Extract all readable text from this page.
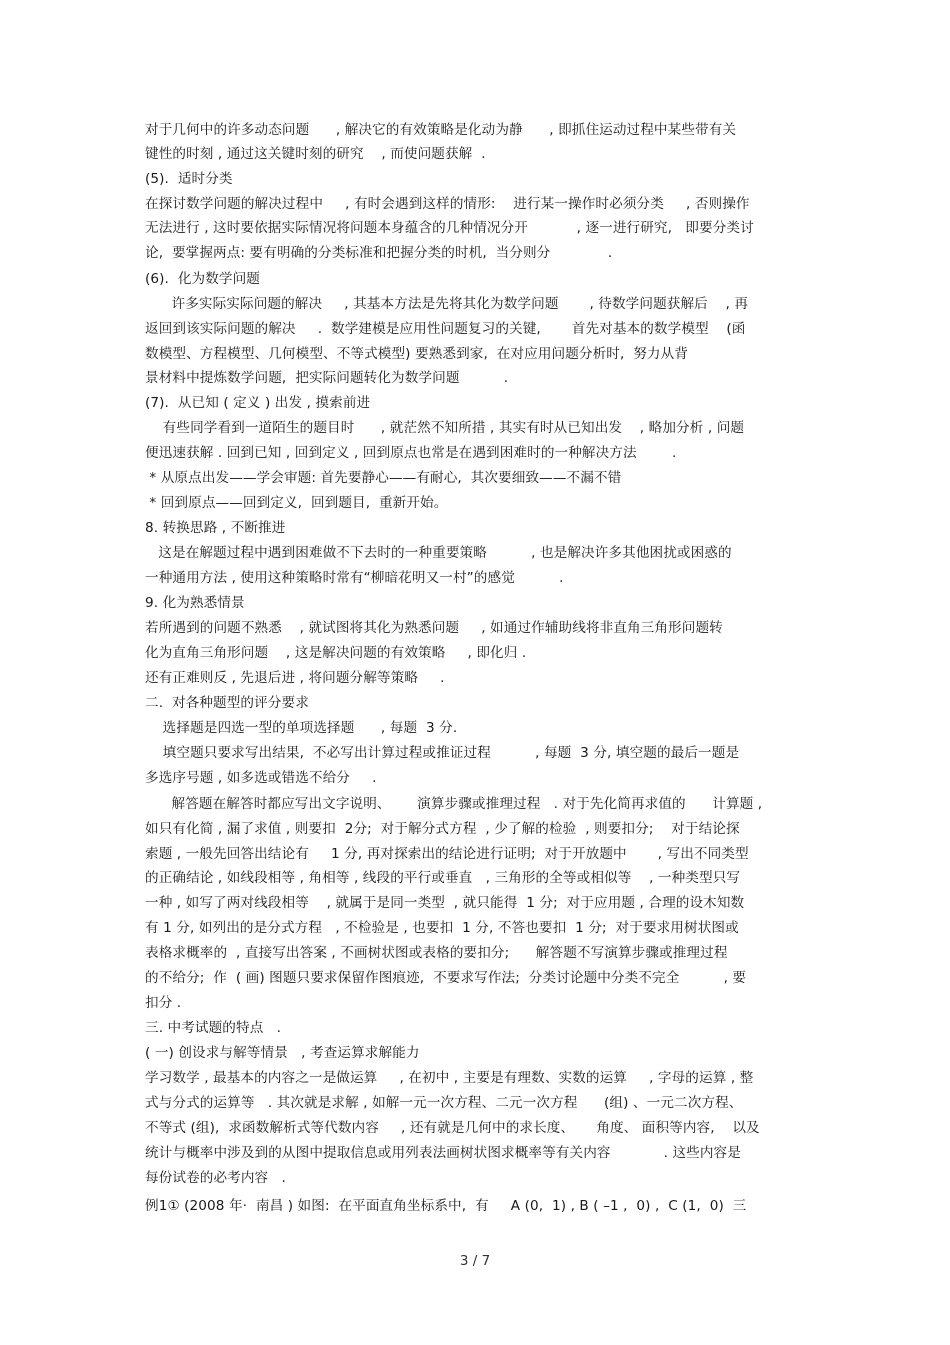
对于几何中的许多动态问题      , 解决它的有效策略是化动为静      , 即抓住运动过程中某些带有关
键性的时刻 , 通过这关键时刻的研究    , 而使问题获解  .
(5).  适时分类
在探讨数学问题的解决过程中     , 有时会遇到这样的情形:    进行某一操作时必须分类     , 否则操作
无法进行 , 这时要依据实际情况将问题本身蕴含的几种情况分开           , 逐一进行研究,   即要分类讨
论,  要掌握两点: 要有明确的分类标准和把握分类的时机,  当分则分             .
(6).  化为数学问题
许多实际实际问题的解决     , 其基本方法是先将其化为数学问题       , 待数学问题获解后    , 再
返回到该实际问题的解决     .  数学建模是应用性问题复习的关键,       首先对基本的数学模型    (函
数模型、方程模型、几何模型、不等式模型) 要熟悉到家,  在对应用问题分析时,  努力从背
景材料中提炼数学问题,  把实际问题转化为数学问题          .
(7).  从已知 ( 定义 ) 出发 , 摸索前进
有些同学看到一道陌生的题目时      , 就茫然不知所措 , 其实有时从已知出发    , 略加分析 , 问题
便迅速获解 . 回到已知 , 回到定义 , 回到原点也常是在遇到困难时的一种解决方法        .
* 从原点出发——学会审题: 首先要静心——有耐心,  其次要细致——不漏不错
* 回到原点——回到定义,  回到题目,  重新开始。
8. 转换思路 , 不断推进
这是在解题过程中遇到困难做不下去时的一种重要策略          , 也是解决许多其他困扰或困惑的
一种通用方法 , 使用这种策略时常有“柳暗花明又一村”的感觉          .
9. 化为熟悉情景
若所遇到的问题不熟悉    , 就试图将其化为熟悉问题     , 如通过作辅助线将非直角三角形问题转
化为直角三角形问题    , 这是解决问题的有效策略     , 即化归 .
还有正难则反 , 先退后进 , 将问题分解等策略     .
二.  对各种题型的评分要求
选择题是四选一型的单项选择题      , 每题  3 分.
填空题只要求写出结果,  不必写出计算过程或推证过程          , 每题  3 分, 填空题的最后一题是
多选序号题 , 如多选或错选不给分     .
解答题在解答时都应写出文字说明、      演算步骤或推理过程   . 对于先化简再求值的      计算题 ,
如只有化简 , 漏了求值 , 则要扣  2分;  对于解分式方程  , 少了解的检验  , 则要扣分;    对于结论探
索题 , 一般先回答出结论有     1 分, 再对探索出的结论进行证明;  对于开放题中       , 写出不同类型
的正确结论 , 如线段相等 , 角相等 , 线段的平行或垂直   , 三角形的全等或相似等    , 一种类型只写
一种 , 如写了两对线段相等    , 就属于是同一类型  , 就只能得  1 分;  对于应用题 , 合理的设木知数
有 1 分, 如列出的是分式方程   , 不检验是 , 也要扣  1 分, 不答也要扣  1 分;  对于要求用树状图或
表格求概率的  , 直接写出答案 , 不画树状图或表格的要扣分;      解答题不写演算步骤或推理过程
的不给分;  作  ( 画) 图题只要求保留作图痕迹,  不要求写作法;  分类讨论题中分类不完全          , 要
扣分 .
三. 中考试题的特点   .
( 一) 创设求与解等情景   , 考查运算求解能力
学习数学 , 最基本的内容之一是做运算     , 在初中 , 主要是有理数、实数的运算     , 字母的运算 , 整
式与分式的运算等   . 其次就是求解 , 如解一元一次方程、二元一次方程      (组) 、一元二次方程、
不等式 (组),  求函数解析式等代数内容     , 还有就是几何中的求长度、     角度、 面积等内容,    以及
统计与概率中涉及到的从图中提取信息或用列表法画树状图求概率等有关内容            . 这些内容是
每份试卷的必考内容   .
例1① (2008 年·  南昌 ) 如图:  在平面直角坐标系中,  有     A (0,  1) , B ( –1 ,  0) ,  C (1,  0)  三
3 / 7
